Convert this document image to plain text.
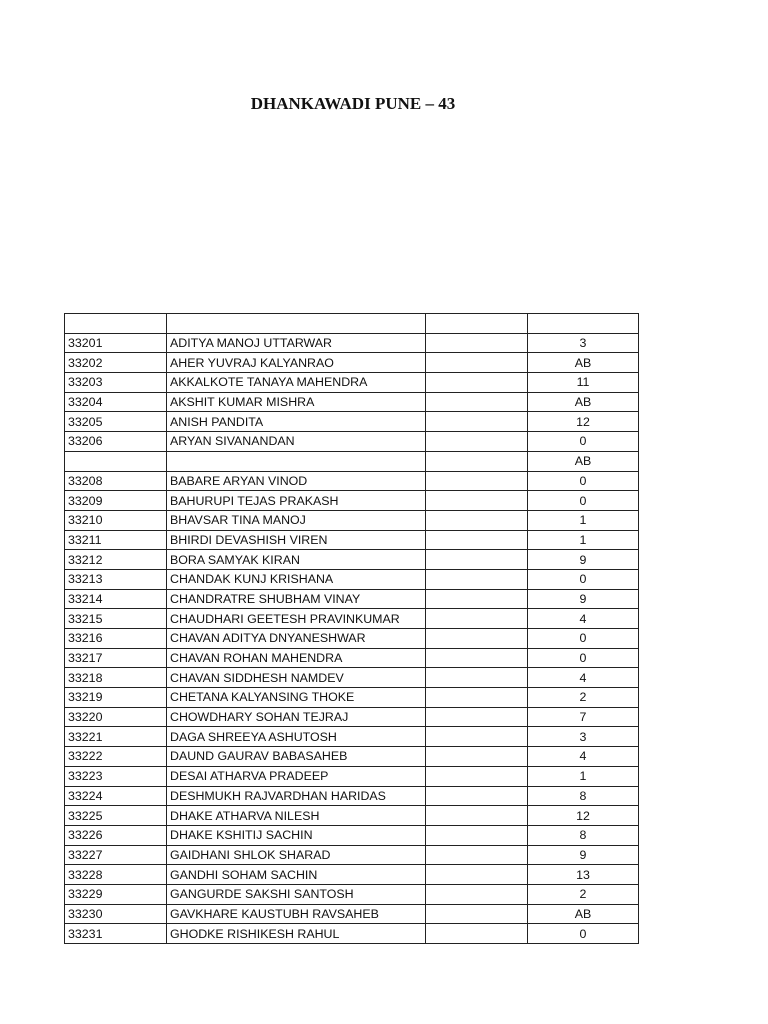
DHANKAWADI PUNE – 43

33201	ADITYA MANOJ UTTARWAR		3
33202	AHER YUVRAJ KALYANRAO		AB
33203	AKKALKOTE TANAYA MAHENDRA		11
33204	AKSHIT KUMAR MISHRA		AB
33205	ANISH PANDITA		12
33206	ARYAN SIVANANDAN		0
			AB
33208	BABARE ARYAN VINOD		0
33209	BAHURUPI TEJAS PRAKASH		0
33210	BHAVSAR TINA MANOJ		1
33211	BHIRDI DEVASHISH VIREN		1
33212	BORA SAMYAK KIRAN		9
33213	CHANDAK KUNJ KRISHANA		0
33214	CHANDRATRE SHUBHAM VINAY		9
33215	CHAUDHARI GEETESH PRAVINKUMAR		4
33216	CHAVAN ADITYA DNYANESHWAR		0
33217	CHAVAN ROHAN MAHENDRA		0
33218	CHAVAN SIDDHESH NAMDEV		4
33219	CHETANA KALYANSING THOKE		2
33220	CHOWDHARY SOHAN TEJRAJ		7
33221	DAGA SHREEYA ASHUTOSH		3
33222	DAUND GAURAV BABASAHEB		4
33223	DESAI ATHARVA PRADEEP		1
33224	DESHMUKH RAJVARDHAN HARIDAS		8
33225	DHAKE ATHARVA NILESH		12
33226	DHAKE KSHITIJ SACHIN		8
33227	GAIDHANI SHLOK SHARAD		9
33228	GANDHI SOHAM SACHIN		13
33229	GANGURDE SAKSHI SANTOSH		2
33230	GAVKHARE KAUSTUBH RAVSAHEB		AB
33231	GHODKE RISHIKESH RAHUL		0
